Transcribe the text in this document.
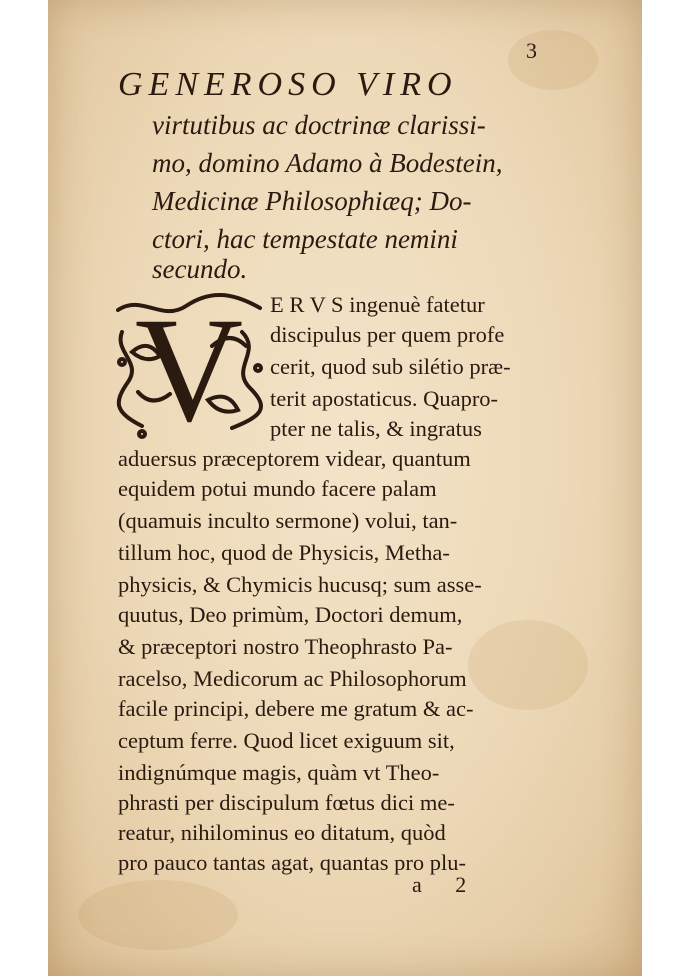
3
GENEROSO VIRO
virtutibus ac doctrinæ clarissi-
mo, domino Adamo à Bodestein,
Medicinæ Philosophiæq; Do-
ctori, hac tempestate nemini
secundo.
V E R V S ingenuè fatetur
discipulus per quem profe
cerit, quod sub silétio præ-
terit apostaticus. Quapro-
pter ne talis, & ingratus
aduersus præceptorem videar, quantum
equidem potui mundo facere palam
(quamuis inculto sermone) volui, tan-
tillum hoc, quod de Physicis, Metha-
physicis, & Chymicis hucusq; sum asse-
quutus, Deo primùm, Doctori demum,
& præceptori nostro Theophrasto Pa-
racelso, Medicorum ac Philosophorum
facile principi, debere me gratum & ac-
ceptum ferre. Quod licet exiguum sit,
indignúmque magis, quàm vt Theo-
phrasti per discipulum fœtus dici me-
reatur, nihilominus eo ditatum, quòd
pro pauco tantas agat, quantas pro plu-
a 2
